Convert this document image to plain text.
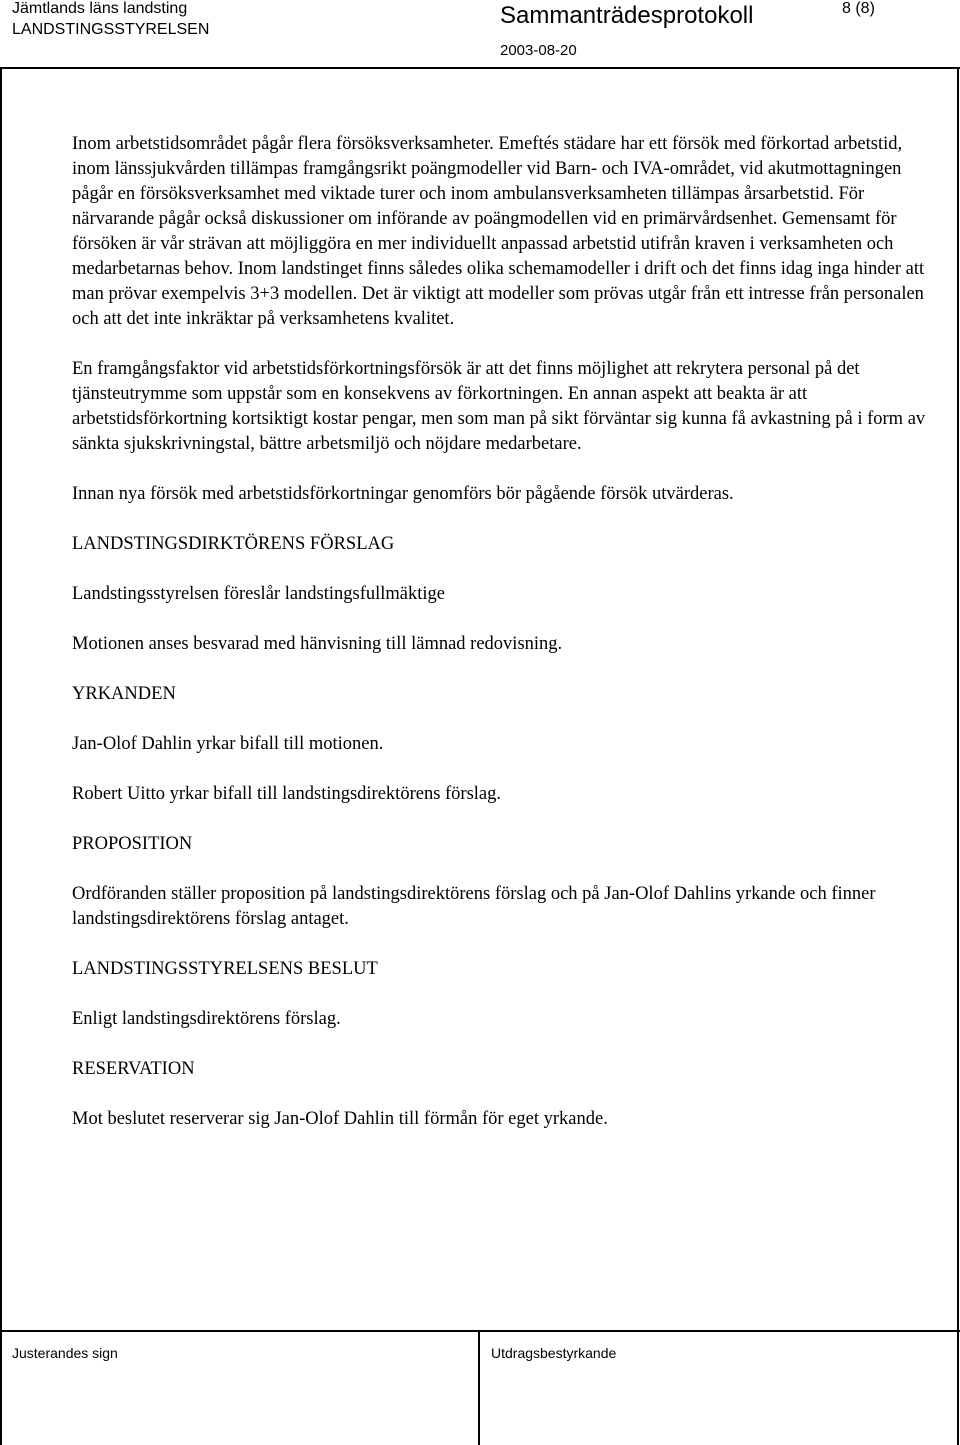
Jämtlands läns landsting
LANDSTINGSSTYRELSEN
Sammanträdesprotokoll	8 (8)
2003-08-20

Inom arbetstidsområdet pågår flera försöksverksamheter. Emeftés städare har ett försök med förkortad arbetstid, inom länssjukvården tillämpas framgångsrikt poängmodeller vid Barn- och IVA-området, vid akutmottagningen pågår en försöksverksamhet med viktade turer och inom ambulansverksamheten tillämpas årsarbetstid. För närvarande pågår också diskussioner om införande av poängmodellen vid en primärvårdsenhet. Gemensamt för försöken är vår strävan att möjliggöra en mer individuellt anpassad arbetstid utifrån kraven i verksamheten och medarbetarnas behov. Inom landstinget finns således olika schemamodeller i drift och det finns idag inga hinder att man prövar exempelvis 3+3 modellen. Det är viktigt att modeller som prövas utgår från ett intresse från personalen och att det inte inkräktar på verksamhetens kvalitet.

En framgångsfaktor vid arbetstidsförkortningsförsök är att det finns möjlighet att rekrytera personal på det tjänsteutrymme som uppstår som en konsekvens av förkortningen. En annan aspekt att beakta är att arbetstidsförkortning kortsiktigt kostar pengar, men som man på sikt förväntar sig kunna få avkastning på i form av sänkta sjukskrivningstal, bättre arbetsmiljö och nöjdare medarbetare.

Innan nya försök med arbetstidsförkortningar genomförs bör pågående försök utvärderas.

LANDSTINGSDIRKTÖRENS FÖRSLAG

Landstingsstyrelsen föreslår landstingsfullmäktige

Motionen anses besvarad med hänvisning till lämnad redovisning.

YRKANDEN

Jan-Olof Dahlin yrkar bifall till motionen.

Robert Uitto yrkar bifall till landstingsdirektörens förslag.

PROPOSITION

Ordföranden ställer proposition på landstingsdirektörens förslag och på Jan-Olof Dahlins yrkande och finner landstingsdirektörens förslag antaget.

LANDSTINGSSTYRELSENS BESLUT

Enligt landstingsdirektörens förslag.

RESERVATION

Mot beslutet reserverar sig Jan-Olof Dahlin till förmån för eget yrkande.

Justerandes sign	Utdragsbestyrkande
